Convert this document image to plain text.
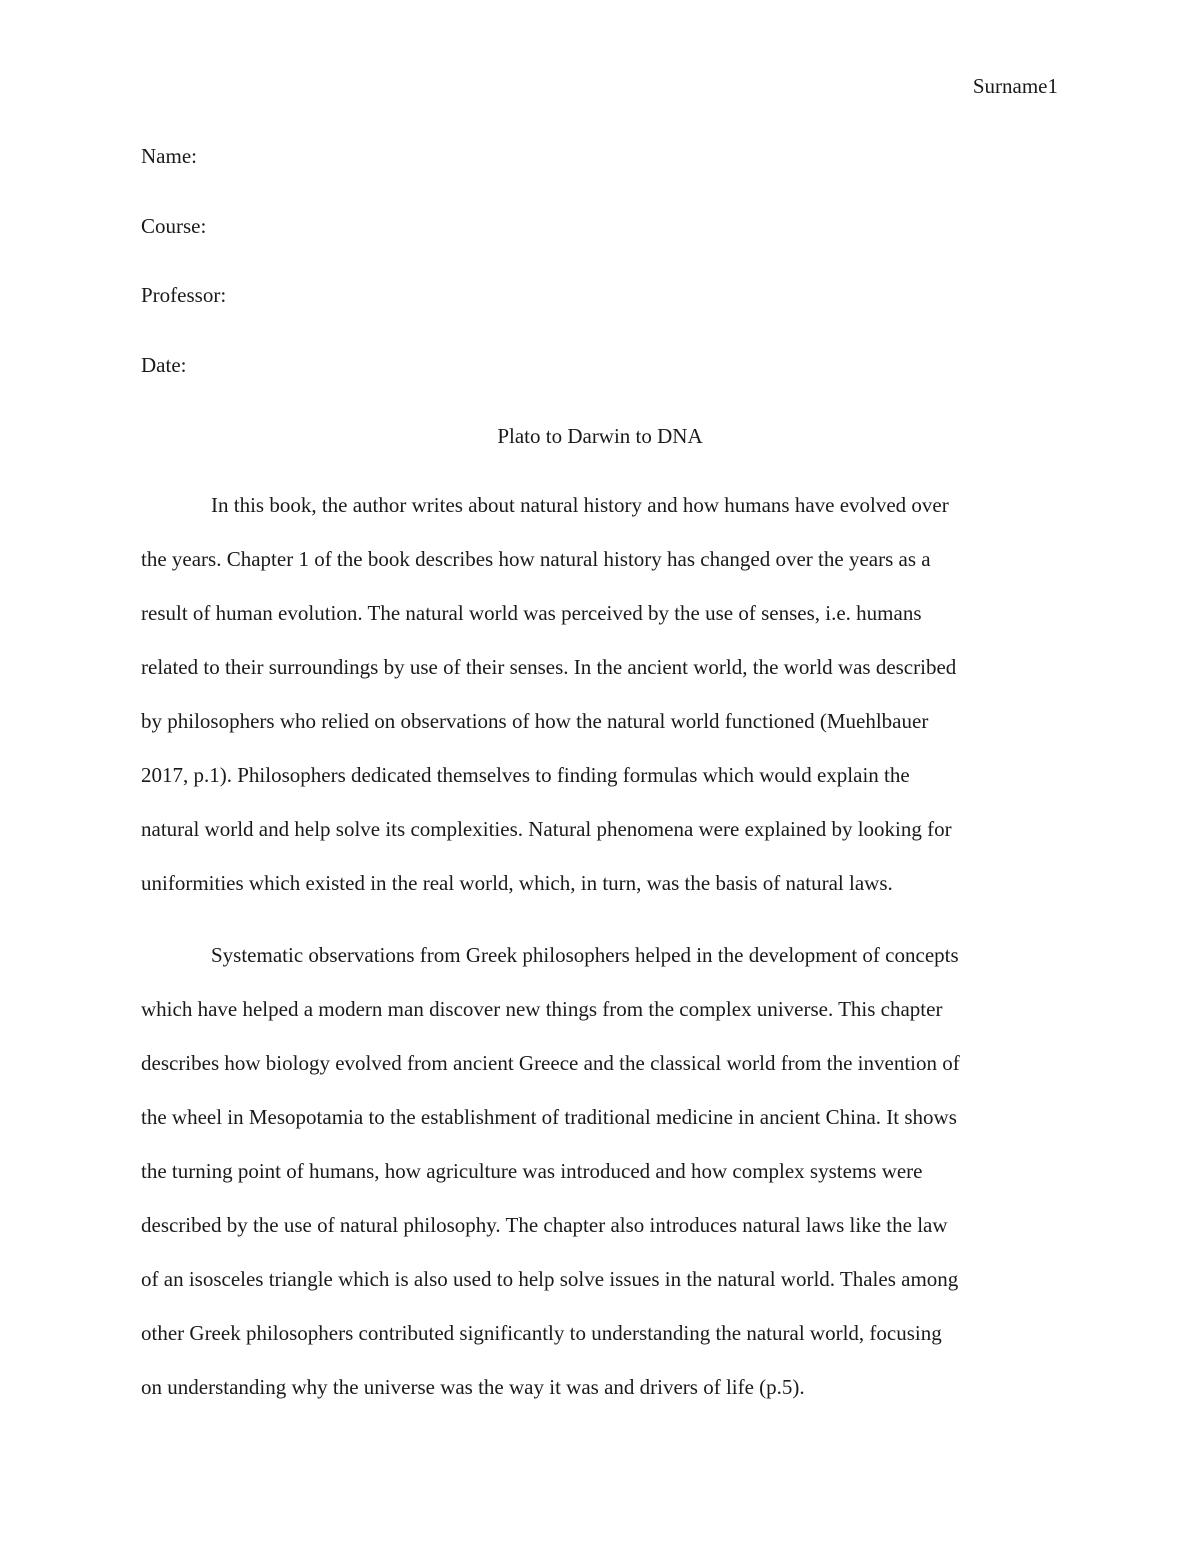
Surname1
Name:
Course:
Professor:
Date:
Plato to Darwin to DNA
In this book, the author writes about natural history and how humans have evolved over
the years. Chapter 1 of the book describes how natural history has changed over the years as a
result of human evolution. The natural world was perceived by the use of senses, i.e. humans
related to their surroundings by use of their senses. In the ancient world, the world was described
by philosophers who relied on observations of how the natural world functioned (Muehlbauer
2017, p.1). Philosophers dedicated themselves to finding formulas which would explain the
natural world and help solve its complexities. Natural phenomena were explained by looking for
uniformities which existed in the real world, which, in turn, was the basis of natural laws.
Systematic observations from Greek philosophers helped in the development of concepts
which have helped a modern man discover new things from the complex universe. This chapter
describes how biology evolved from ancient Greece and the classical world from the invention of
the wheel in Mesopotamia to the establishment of traditional medicine in ancient China. It shows
the turning point of humans, how agriculture was introduced and how complex systems were
described by the use of natural philosophy. The chapter also introduces natural laws like the law
of an isosceles triangle which is also used to help solve issues in the natural world. Thales among
other Greek philosophers contributed significantly to understanding the natural world, focusing
on understanding why the universe was the way it was and drivers of life (p.5).
